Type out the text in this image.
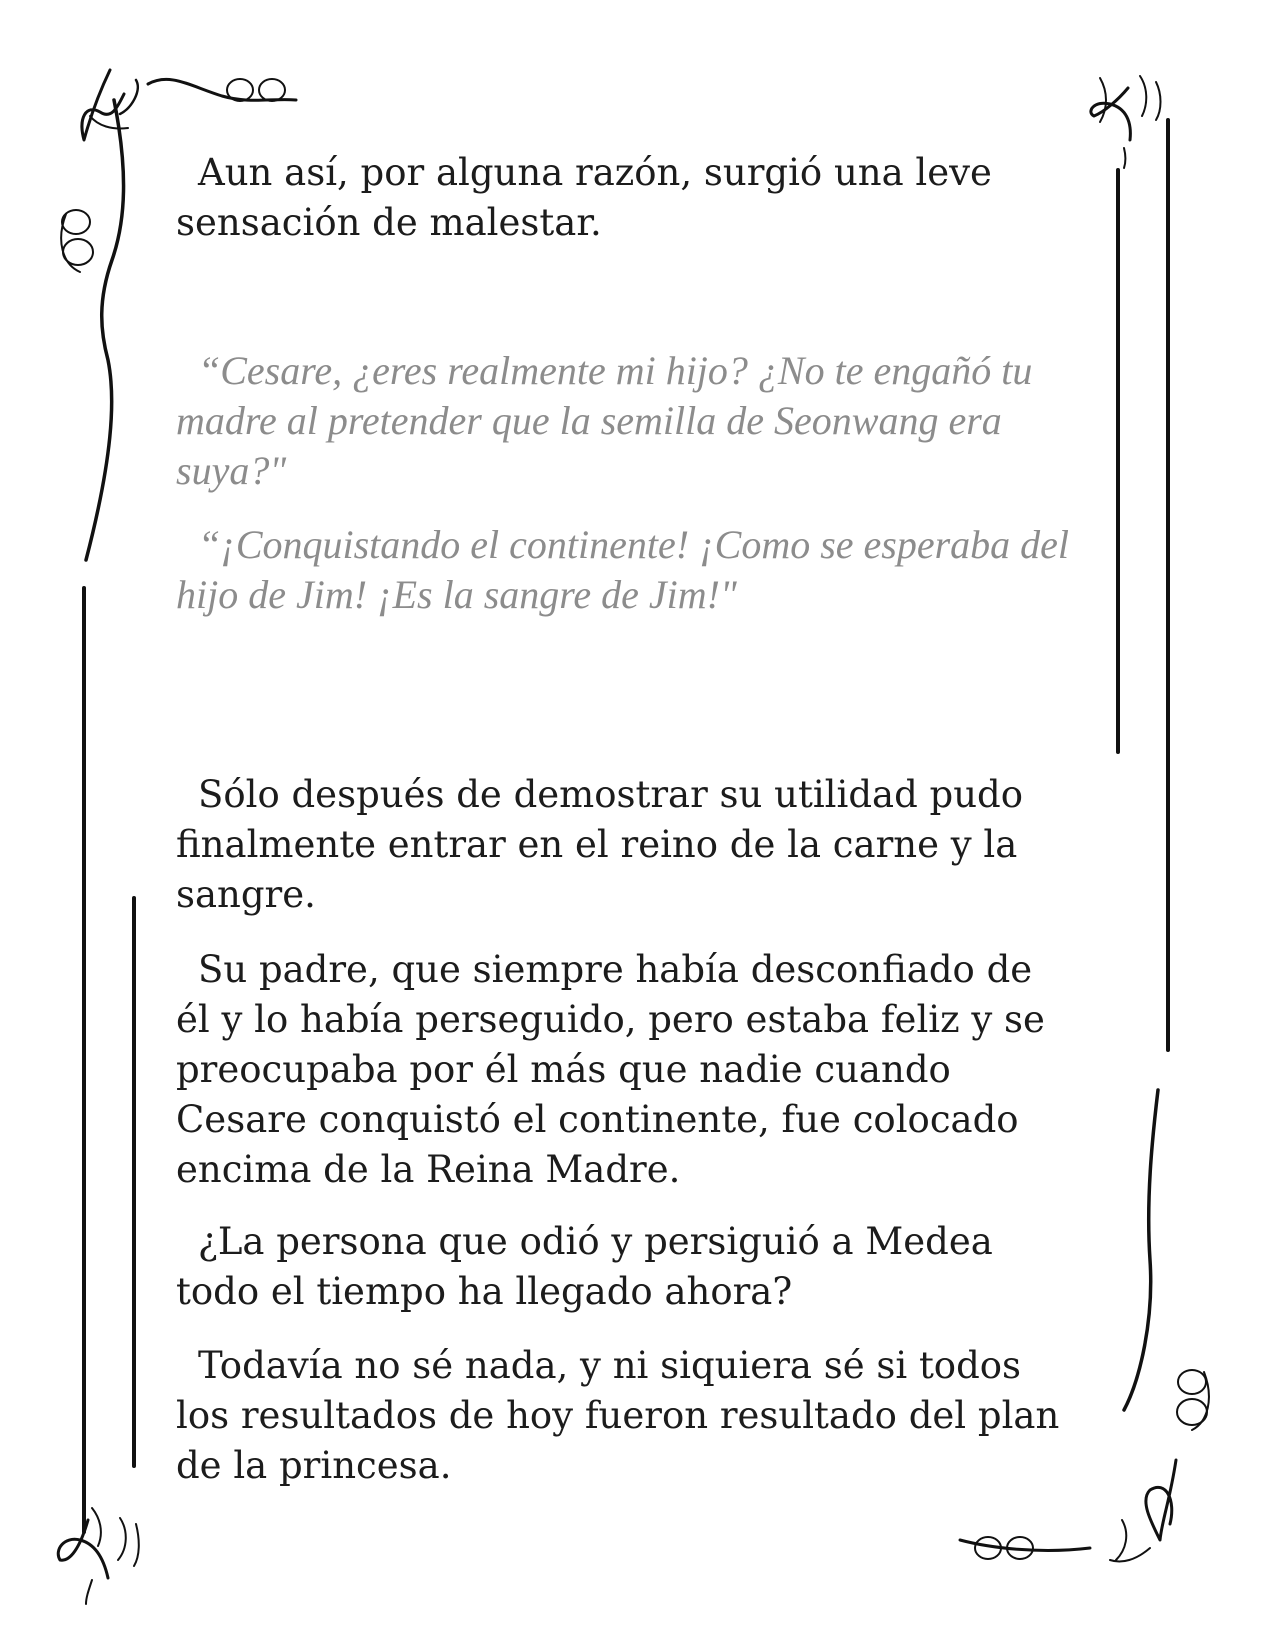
Aun así, por alguna razón, surgió una leve sensación de malestar.

“Cesare, ¿eres realmente mi hijo? ¿No te engañó tu madre al pretender que la semilla de Seonwang era suya?"

“¡Conquistando el continente! ¡Como se esperaba del hijo de Jim! ¡Es la sangre de Jim!"

Sólo después de demostrar su utilidad pudo finalmente entrar en el reino de la carne y la sangre.

Su padre, que siempre había desconfiado de él y lo había perseguido, pero estaba feliz y se preocupaba por él más que nadie cuando Cesare conquistó el continente, fue colocado encima de la Reina Madre.

¿La persona que odió y persiguió a Medea todo el tiempo ha llegado ahora?

Todavía no sé nada, y ni siquiera sé si todos los resultados de hoy fueron resultado del plan de la princesa.
